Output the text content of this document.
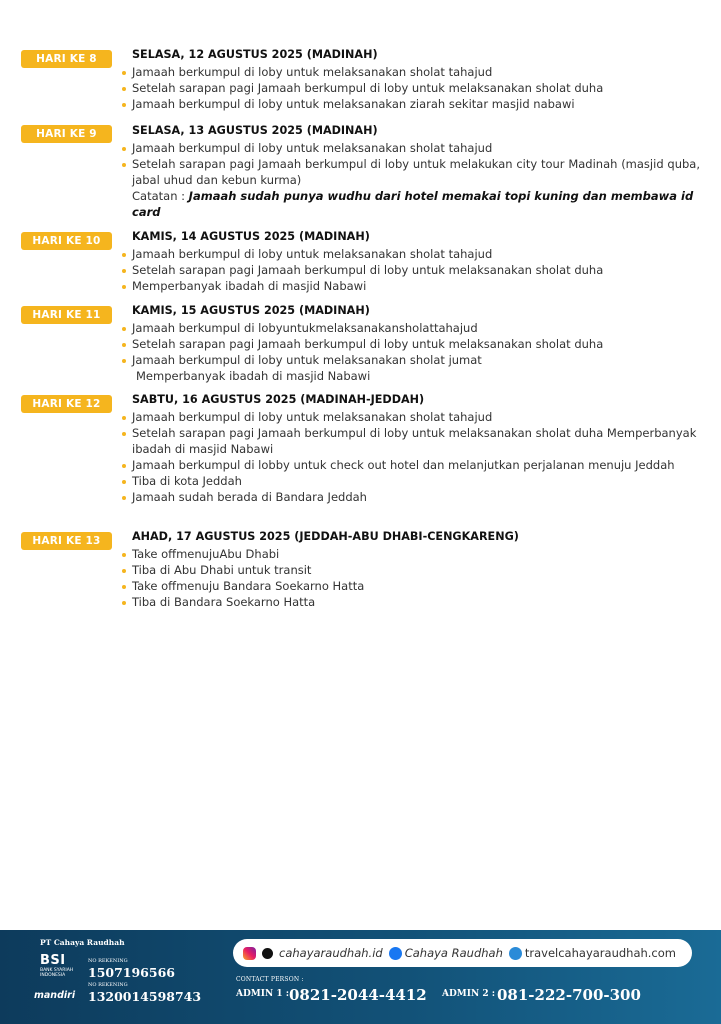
HARI KE 8	SELASA, 12 AGUSTUS 2025 (MADINAH)
Jamaah berkumpul di loby untuk melaksanakan sholat tahajud
Setelah sarapan pagi Jamaah berkumpul di loby untuk melaksanakan sholat duha
Jamaah berkumpul di loby untuk melaksanakan ziarah sekitar masjid nabawi
HARI KE 9	SELASA, 13 AGUSTUS 2025 (MADINAH)
Jamaah berkumpul di loby untuk melaksanakan sholat tahajud
Setelah sarapan pagi Jamaah berkumpul di loby untuk melakukan city tour Madinah (masjid quba, jabal uhud dan kebun kurma)
Catatan : Jamaah sudah punya wudhu dari hotel memakai topi kuning dan membawa id card
HARI KE 10	KAMIS, 14 AGUSTUS 2025 (MADINAH)
Jamaah berkumpul di loby untuk melaksanakan sholat tahajud
Setelah sarapan pagi Jamaah berkumpul di loby untuk melaksanakan sholat duha
Memperbanyak ibadah di masjid Nabawi
HARI KE 11	KAMIS, 15 AGUSTUS 2025 (MADINAH)
Jamaah berkumpul di lobyuntukmelaksanakansholattahajud
Setelah sarapan pagi Jamaah berkumpul di loby untuk melaksanakan sholat duha
Jamaah berkumpul di loby untuk melaksanakan sholat jumat
Memperbanyak ibadah di masjid Nabawi
HARI KE 12	SABTU, 16 AGUSTUS 2025 (MADINAH-JEDDAH)
Jamaah berkumpul di loby untuk melaksanakan sholat tahajud
Setelah sarapan pagi Jamaah berkumpul di loby untuk melaksanakan sholat duha Memperbanyak ibadah di masjid Nabawi
Jamaah berkumpul di lobby untuk check out hotel dan melanjutkan perjalanan menuju Jeddah
Tiba di kota Jeddah
Jamaah sudah berada di Bandara Jeddah
HARI KE 13	AHAD, 17 AGUSTUS 2025 (JEDDAH-ABU DHABI-CENGKARENG)
Take offmenujuAbu Dhabi
Tiba di Abu Dhabi untuk transit
Take offmenuju Bandara Soekarno Hatta
Tiba di Bandara Soekarno Hatta
PT Cahaya Raudhah
BSI
BANK SYARIAH INDONESIA
NO REKENING
1507196566
mandiri
NO REKENING
1320014598743
cahayaraudhah.id Cahaya Raudhah travelcahayaraudhah.com
CONTACT PERSON :
ADMIN 1 : 0821-2044-4412 ADMIN 2 : 081-222-700-300
